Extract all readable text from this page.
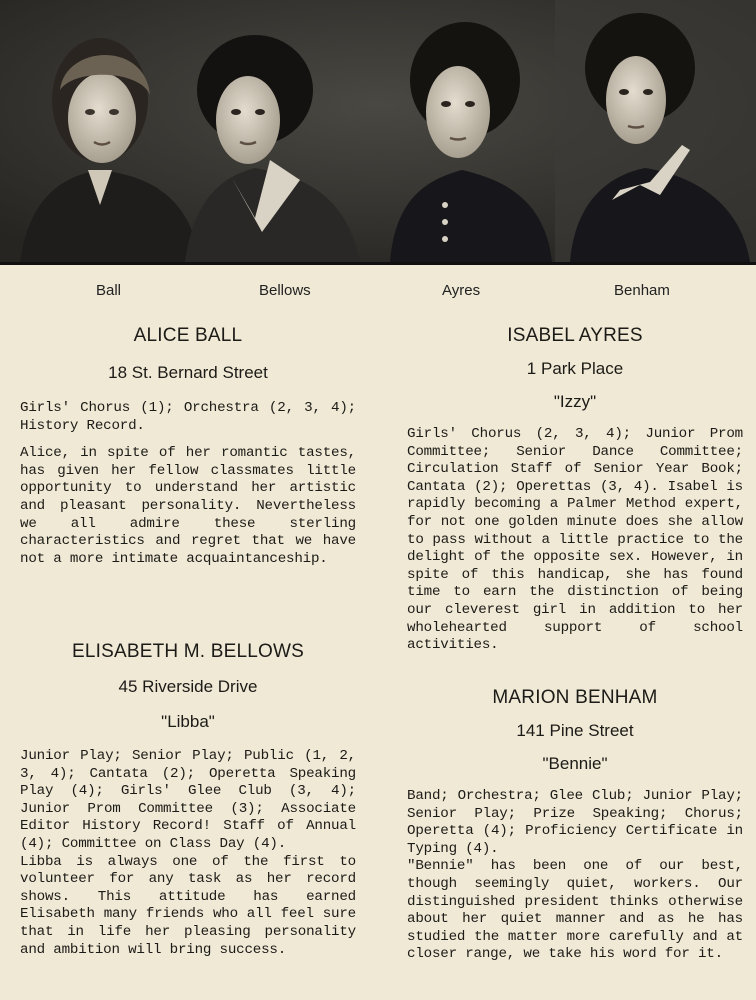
Ball	Bellows	Ayres	Benham

ALICE BALL

18 St. Bernard Street

Girls' Chorus (1); Orchestra (2, 3, 4); History Record.

Alice, in spite of her romantic tastes, has given her fellow classmates little opportunity to understand her artistic and pleasant personality. Nevertheless we all admire these sterling characteristics and regret that we have not a more intimate acquaintanceship.

ELISABETH M. BELLOWS

45 Riverside Drive

"Libba"

Junior Play; Senior Play; Public (1, 2, 3, 4); Cantata (2); Operetta Speaking Play (4); Girls' Glee Club (3, 4); Junior Prom Committee (3); Associate Editor History Record! Staff of Annual (4); Committee on Class Day (4).

Libba is always one of the first to volunteer for any task as her record shows. This attitude has earned Elisabeth many friends who all feel sure that in life her pleasing personality and ambition will bring success.

ISABEL AYRES

1 Park Place

"Izzy"

Girls' Chorus (2, 3, 4); Junior Prom Committee; Senior Dance Committee; Circulation Staff of Senior Year Book; Cantata (2); Operettas (3, 4). Isabel is rapidly becoming a Palmer Method expert, for not one golden minute does she allow to pass without a little practice to the delight of the opposite sex. However, in spite of this handicap, she has found time to earn the distinction of being our cleverest girl in addition to her wholehearted support of school activities.

MARION BENHAM

141 Pine Street

"Bennie"

Band; Orchestra; Glee Club; Junior Play; Senior Play; Prize Speaking; Chorus; Operetta (4); Proficiency Certificate in Typing (4).

"Bennie" has been one of our best, though seemingly quiet, workers. Our distinguished president thinks otherwise about her quiet manner and as he has studied the matter more carefully and at closer range, we take his word for it.
